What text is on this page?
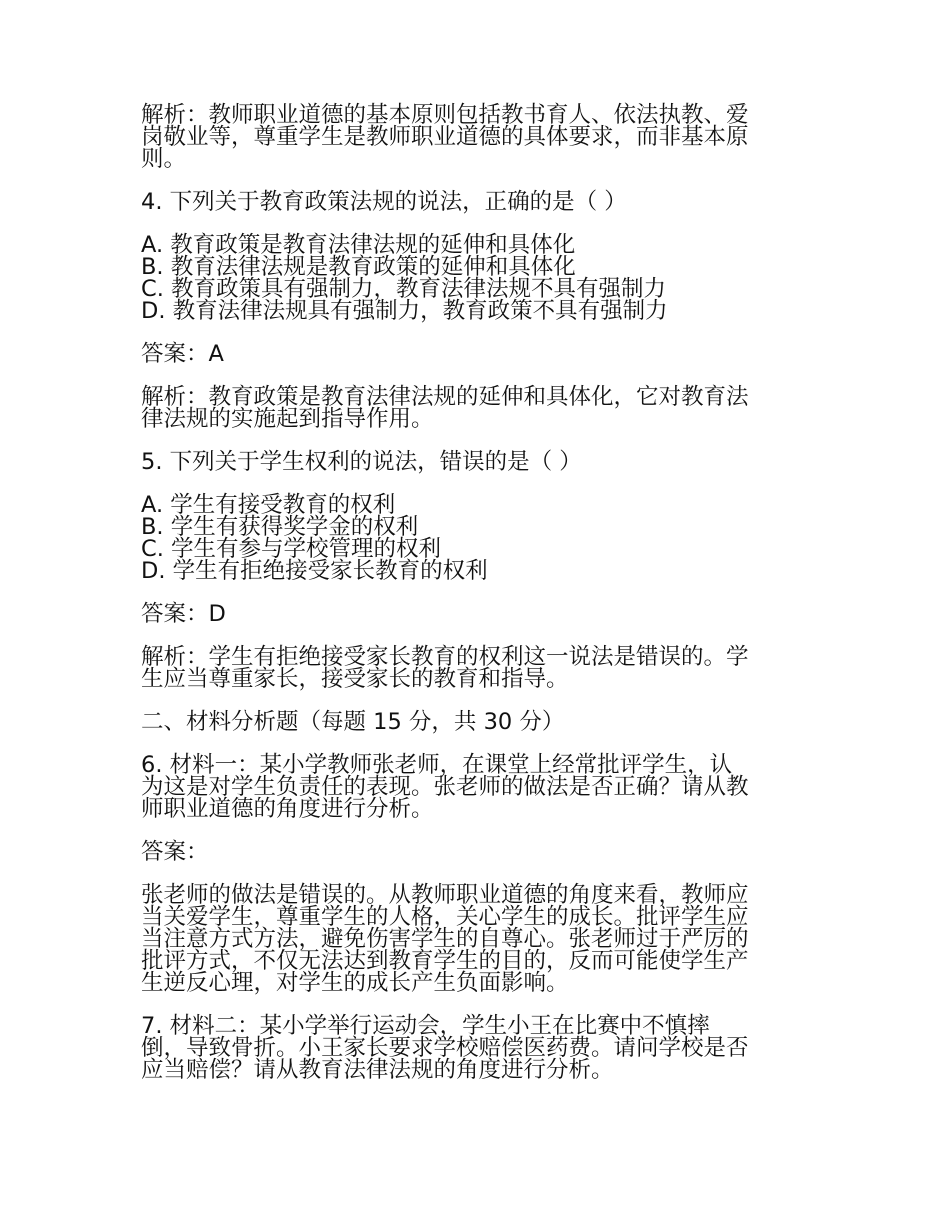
解析：教师职业道德的基本原则包括教书育人、依法执教、爱
岗敬业等，尊重学生是教师职业道德的具体要求，而非基本原
则。
4. 下列关于教育政策法规的说法，正确的是（ ）
A. 教育政策是教育法律法规的延伸和具体化
B. 教育法律法规是教育政策的延伸和具体化
C. 教育政策具有强制力，教育法律法规不具有强制力
D. 教育法律法规具有强制力，教育政策不具有强制力
答案：A
解析：教育政策是教育法律法规的延伸和具体化，它对教育法
律法规的实施起到指导作用。
5. 下列关于学生权利的说法，错误的是（ ）
A. 学生有接受教育的权利
B. 学生有获得奖学金的权利
C. 学生有参与学校管理的权利
D. 学生有拒绝接受家长教育的权利
答案：D
解析：学生有拒绝接受家长教育的权利这一说法是错误的。学
生应当尊重家长，接受家长的教育和指导。
二、材料分析题（每题 15 分，共 30 分）
6. 材料一：某小学教师张老师，在课堂上经常批评学生，认
为这是对学生负责任的表现。张老师的做法是否正确？请从教
师职业道德的角度进行分析。
答案：
张老师的做法是错误的。从教师职业道德的角度来看，教师应
当关爱学生，尊重学生的人格，关心学生的成长。批评学生应
当注意方式方法，避免伤害学生的自尊心。张老师过于严厉的
批评方式，不仅无法达到教育学生的目的，反而可能使学生产
生逆反心理，对学生的成长产生负面影响。
7. 材料二：某小学举行运动会，学生小王在比赛中不慎摔
倒，导致骨折。小王家长要求学校赔偿医药费。请问学校是否
应当赔偿？请从教育法律法规的角度进行分析。
